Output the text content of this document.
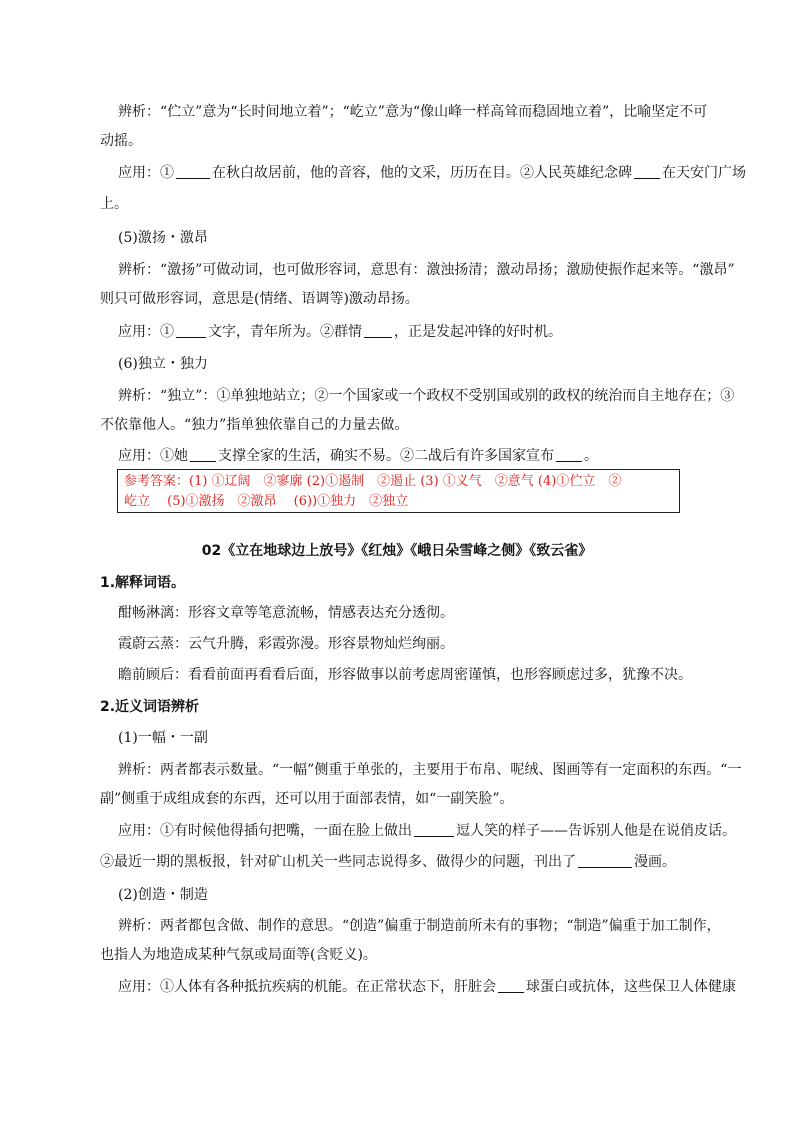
辨析：“伫立”意为“长时间地立着”；“屹立”意为“像山峰一样高耸而稳固地立着”，比喻坚定不可
动摇。
应用：①	在秋白故居前，他的音容，他的文采，历历在目。②人民英雄纪念碑 在天安门广场
上。
(5)激扬・激昂
辨析：“激扬”可做动词，也可做形容词，意思有：激浊扬清；激动昂扬；激励使振作起来等。“激昂”
则只可做形容词，意思是(情绪、语调等)激动昂扬。
应用：① 文字，青年所为。②群情 ，正是发起冲锋的好时机。
(6)独立・独力
辨析：“独立”：①单独地站立；②一个国家或一个政权不受别国或别的政权的统治而自主地存在；③
不依靠他人。“独力”指单独依靠自己的力量去做。
应用：①她 支撑全家的生活，确实不易。②二战后有许多国家宣布 。
参考答案：(1) ①辽阔　②寥廓 (2)①遏制　②遏止 (3) ①义气　②意气 (4)①伫立　②
屹立　 (5)①激扬　②激昂　 (6))①独力　②独立
02《立在地球边上放号》《红烛》《峨日朵雪峰之侧》《致云雀》
1.解释词语。
酣畅淋漓：形容文章等笔意流畅，情感表达充分透彻。
霞蔚云蒸：云气升腾，彩霞弥漫。形容景物灿烂绚丽。
瞻前顾后：看看前面再看看后面，形容做事以前考虑周密谨慎，也形容顾虑过多，犹豫不决。
2.近义词语辨析
(1)一幅・一副
辨析：两者都表示数量。“一幅”侧重于单张的，主要用于布帛、呢绒、图画等有一定面积的东西。“一
副”侧重于成组成套的东西，还可以用于面部表情，如“一副笑脸”。
应用：①有时候他得插句把嘴，一面在脸上做出	逗人笑的样子——告诉别人他是在说俏皮话。
②最近一期的黑板报，针对矿山机关一些同志说得多、做得少的问题，刊出了	漫画。
(2)创造・制造
辨析：两者都包含做、制作的意思。“创造”偏重于制造前所未有的事物；“制造”偏重于加工制作，
也指人为地造成某种气氛或局面等(含贬义)。
应用：①人体有各种抵抗疾病的机能。在正常状态下，肝脏会 球蛋白或抗体，这些保卫人体健康
